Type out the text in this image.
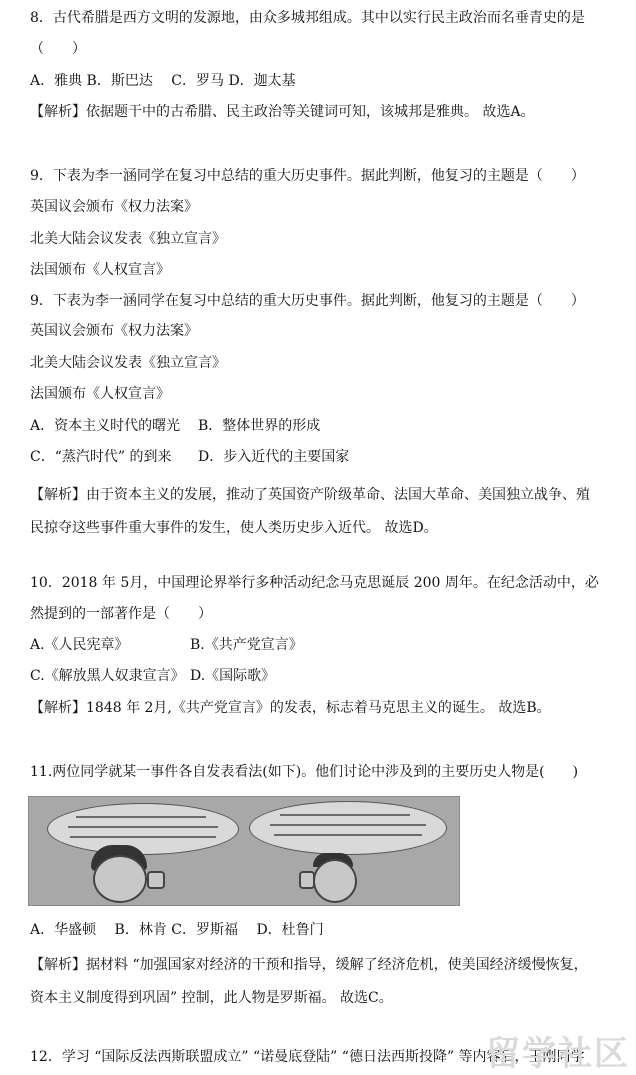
8．古代希腊是西方文明的发源地，由众多城邦组成。其中以实行民主政治而名垂青史的是
（　　）
A．雅典 B．斯巴达　 C．罗马 D．迦太基
【解析】依据题干中的古希腊、民主政治等关键词可知，该城邦是雅典。 故选A。
9．下表为李一涵同学在复习中总结的重大历史事件。据此判断，他复习的主题是（　　）
英国议会颁布《权力法案》
北美大陆会议发表《独立宣言》
法国颁布《人权宣言》
9．下表为李一涵同学在复习中总结的重大历史事件。据此判断，他复习的主题是（　　）
英国议会颁布《权力法案》
北美大陆会议发表《独立宣言》
法国颁布《人权宣言》
A．资本主义时代的曙光 B．整体世界的形成
C．“蒸汽时代” 的到来 D．步入近代的主要国家
【解析】由于资本主义的发展，推动了英国资产阶级革命、法国大革命、美国独立战争、殖民掠夺这些事件重大事件的发生，使人类历史步入近代。 故选D。
10．2018 年 5月，中国理论界举行多种活动纪念马克思诞辰 200 周年。在纪念活动中，必
然提到的一部著作是（　　）
A.《人民宪章》	B.《共产党宣言》
C.《解放黑人奴隶宣言》 D.《国际歌》
【解析】1848 年 2月,《共产党宣言》的发表，标志着马克思主义的诞生。 故选B。
11.两位同学就某一事件各自发表看法(如下)。他们讨论中涉及到的主要历史人物是(　　)
A．华盛顿　 B．林肯 C．罗斯福　 D．杜鲁门
【解析】据材料 “加强国家对经济的干预和指导，缓解了经济危机，使美国经济缓慢恢复，资本主义制度得到巩固” 控制，此人物是罗斯福。 故选C。
12．学习 “国际反法西斯联盟成立” “诺曼底登陆” “德日法西斯投降” 等内容后，王刚同学
留学社区
